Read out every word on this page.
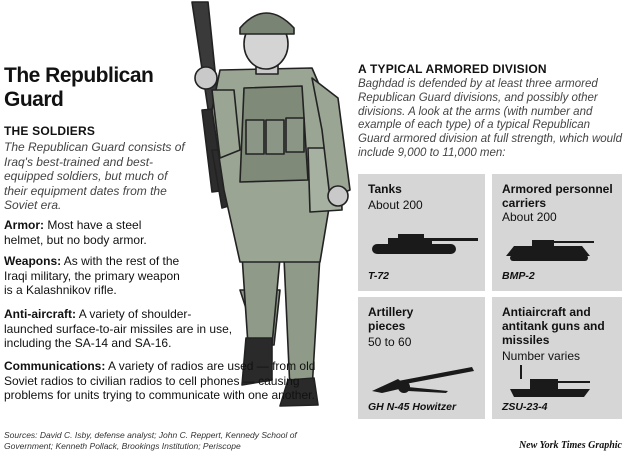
The Republican Guard
THE SOLDIERS
The Republican Guard consists of Iraq's best-trained and best-equipped soldiers, but much of their equipment dates from the Soviet era.
Armor: Most have a steel helmet, but no body armor.
Weapons: As with the rest of the Iraqi military, the primary weapon is a Kalashnikov rifle.
Anti-aircraft: A variety of shoulder-launched surface-to-air missiles are in use, including the SA-14 and SA-16.
Communications: A variety of radios are used — from old Soviet radios to civilian radios to cell phones — causing problems for units trying to communicate with one another.
Sources: David C. Isby, defense analyst; John C. Reppert, Kennedy School of Government; Kenneth Pollack, Brookings Institution; Periscope
A TYPICAL ARMORED DIVISION
Baghdad is defended by at least three armored Republican Guard divisions, and possibly other divisions. A look at the arms (with number and example of each type) of a typical Republican Guard armored division at full strength, which would include 9,000 to 11,000 men:
Tanks
About 200
T-72
Armored personnel carriers
About 200
BMP-2
Artillery pieces
50 to 60
GH N-45 Howitzer
Antiaircraft and antitank guns and missiles
Number varies
ZSU-23-4
New York Times Graphic
